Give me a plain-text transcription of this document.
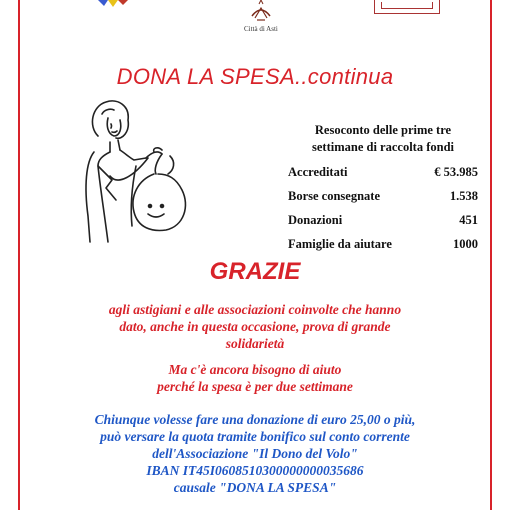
Città di Asti
DONA LA SPESA..continua
Resoconto delle prime tre
settimane di raccolta fondi
Accreditati	€ 53.985
Borse consegnate	1.538
Donazioni	451
Famiglie da aiutare	1000
GRAZIE
agli astigiani e alle associazioni coinvolte che hanno
dato, anche in questa occasione, prova di grande
solidarietà
Ma c'è ancora bisogno di aiuto
perché la spesa è per due settimane
Chiunque volesse fare una donazione di euro 25,00 o più,
può versare la quota tramite bonifico sul conto corrente
dell'Associazione "Il Dono del Volo"
IBAN IT45I0608510300000000035686
causale "DONA LA SPESA"
